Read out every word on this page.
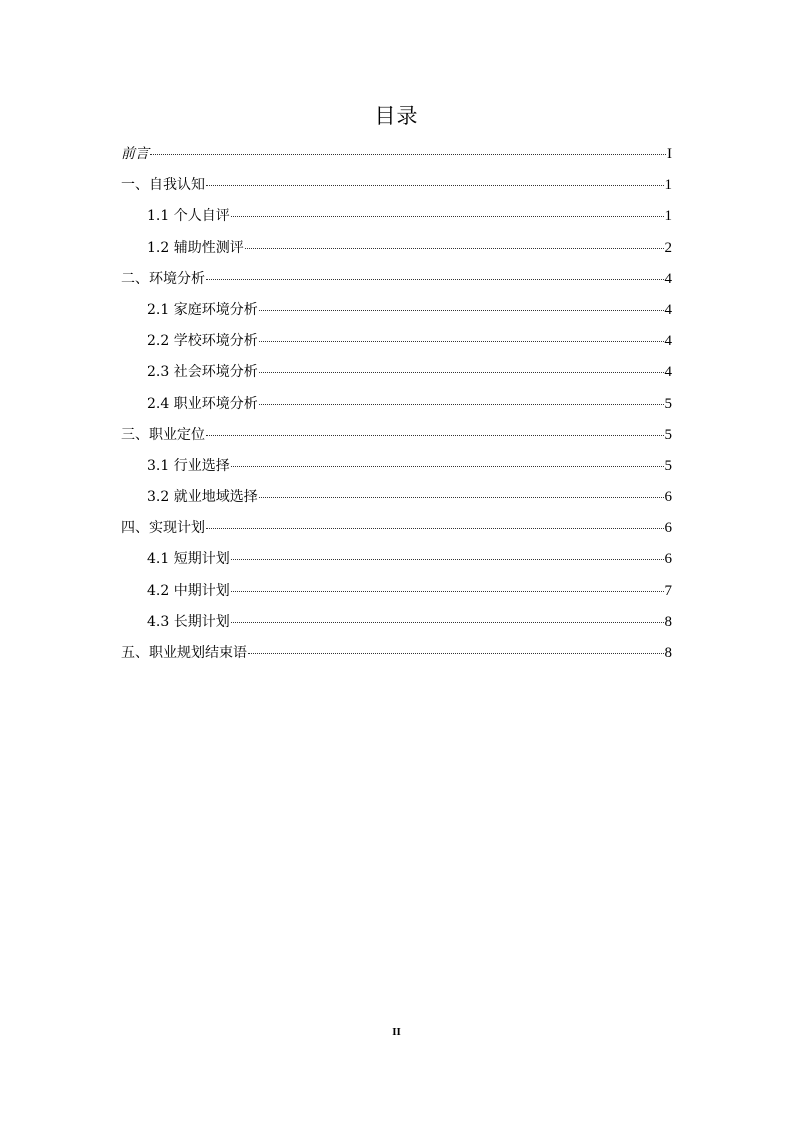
目录
前言	I
一、自我认知	1
1.1 个人自评	1
1.2 辅助性测评	2
二、环境分析	4
2.1 家庭环境分析	4
2.2 学校环境分析	4
2.3 社会环境分析	4
2.4 职业环境分析	5
三、职业定位	5
3.1 行业选择	5
3.2 就业地域选择	6
四、实现计划	6
4.1 短期计划	6
4.2 中期计划	7
4.3 长期计划	8
五、职业规划结束语	8
II
